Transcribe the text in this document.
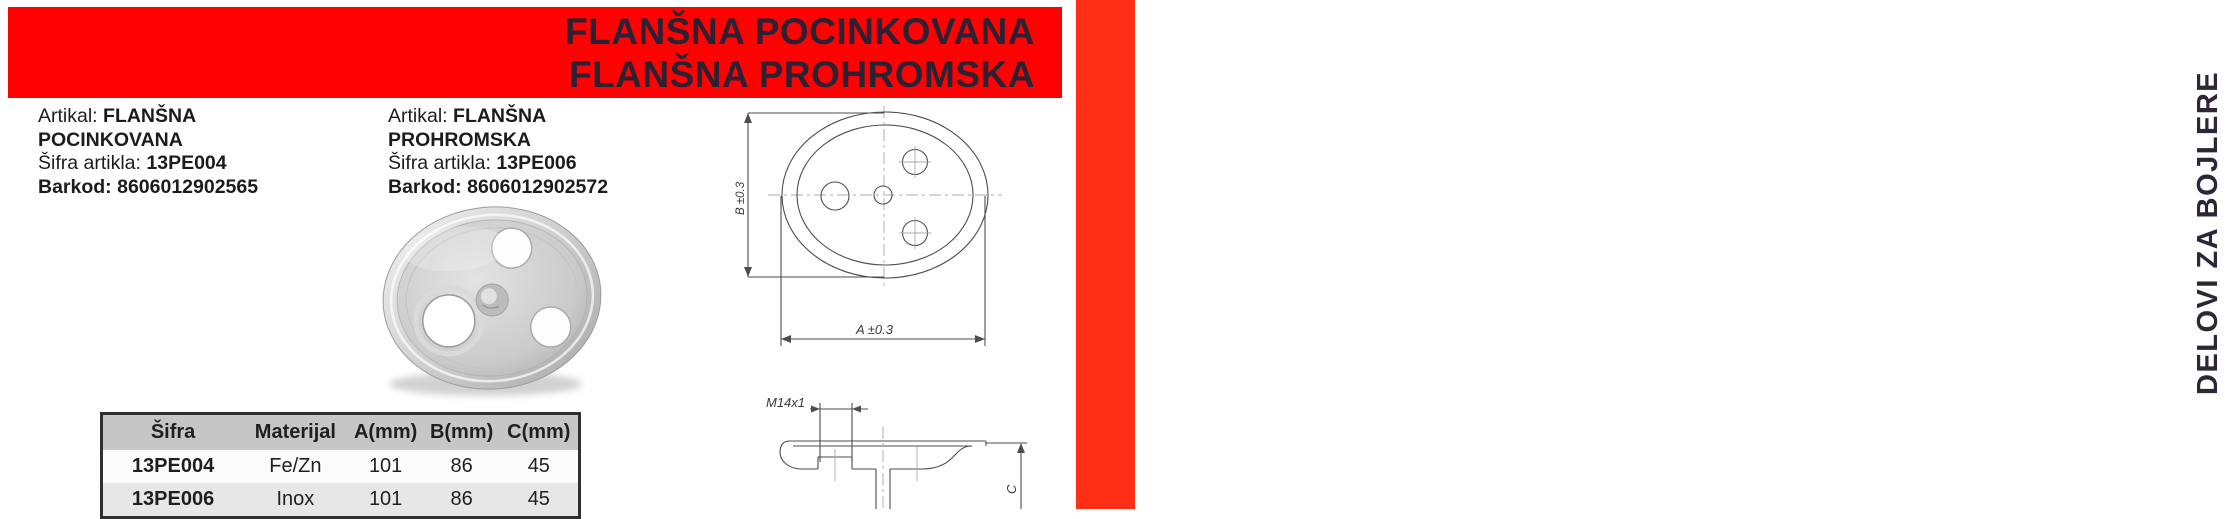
FLANŠNA POCINKOVANA
FLANŠNA PROHROMSKA	DELOVI ZA BOJLERE
Artikal: FLANŠNA
POCINKOVANA
Šifra artikla: 13PE004
Barkod: 8606012902565
Artikal: FLANŠNA
PROHROMSKA
Šifra artikla: 13PE006
Barkod: 8606012902572	B ±0.3
A ±0.3
M14x1
C
Šifra	Materijal	A(mm)	B(mm)	C(mm)
13PE004	Fe/Zn	101	86	45
13PE006	Inox	101	86	45
